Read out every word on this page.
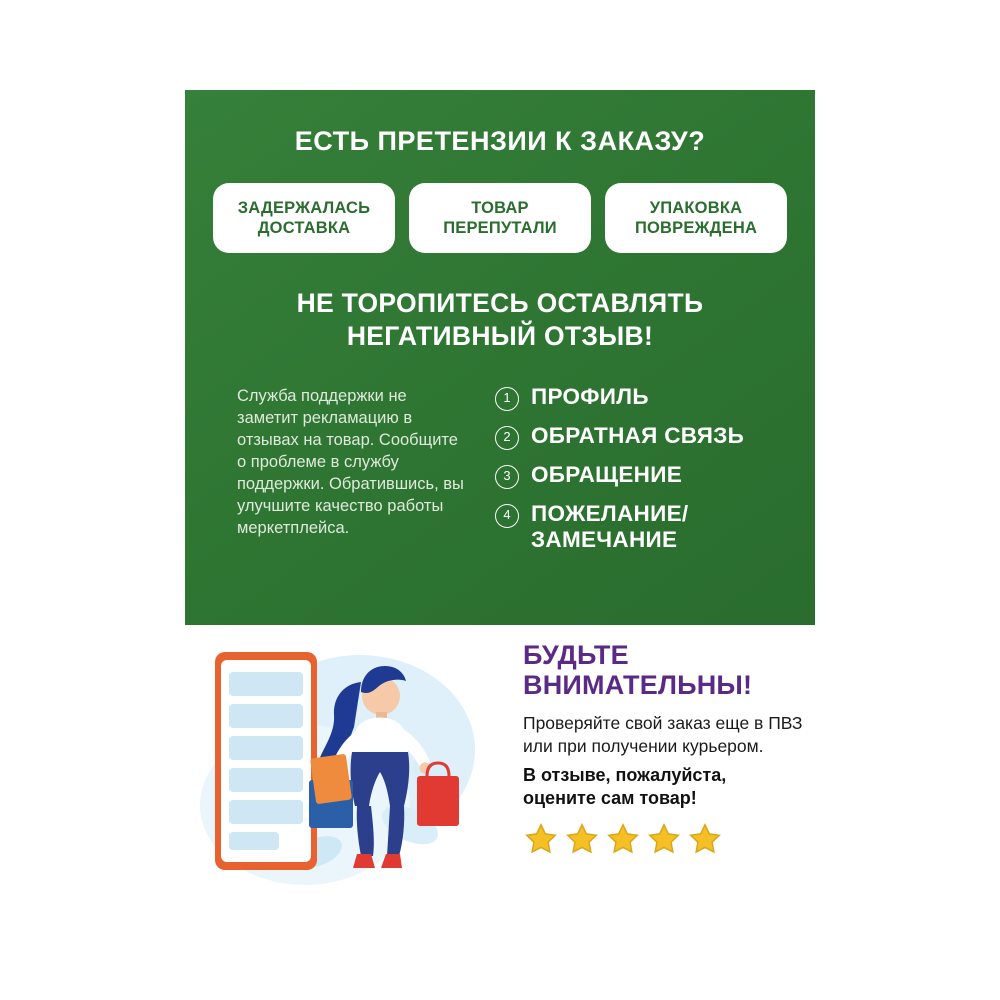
ЕСТЬ ПРЕТЕНЗИИ К ЗАКАЗУ?
ЗАДЕРЖАЛАСЬ
ДОСТАВКА
ТОВАР
ПЕРЕПУТАЛИ
УПАКОВКА
ПОВРЕЖДЕНА
НЕ ТОРОПИТЕСЬ ОСТАВЛЯТЬ
НЕГАТИВНЫЙ ОТЗЫВ!
Служба поддержки не заметит рекламацию в отзывах на товар. Сообщите о проблеме в службу поддержки. Обратившись, вы улучшите качество работы меркетплейса.
1 ПРОФИЛЬ
2 ОБРАТНАЯ СВЯЗЬ
3 ОБРАЩЕНИЕ
4 ПОЖЕЛАНИЕ/
ЗАМЕЧАНИЕ
БУДЬТЕ
ВНИМАТЕЛЬНЫ!
Проверяйте свой заказ еще в ПВЗ или при получении курьером.
В отзыве, пожалуйста,
оцените сам товар!
